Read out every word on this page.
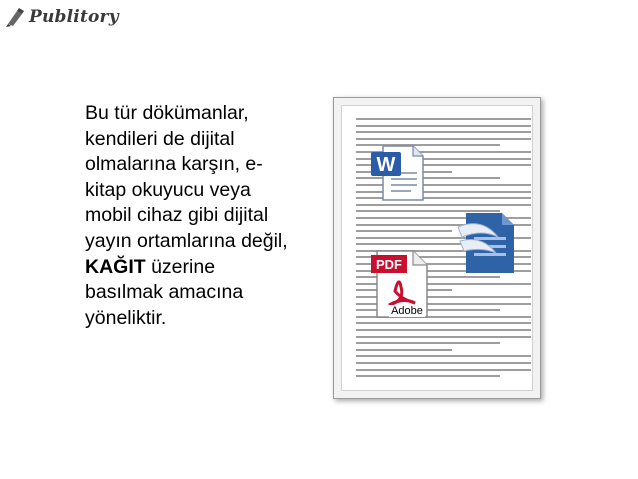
Publitory
Bu tür dökümanlar,
kendileri de dijital
olmalarına karşın, e-
kitap okuyucu veya
mobil cihaz gibi dijital
yayın ortamlarına değil,
KAĞIT üzerine
basılmak amacına
yöneliktir.
W
PDF
Adobe
